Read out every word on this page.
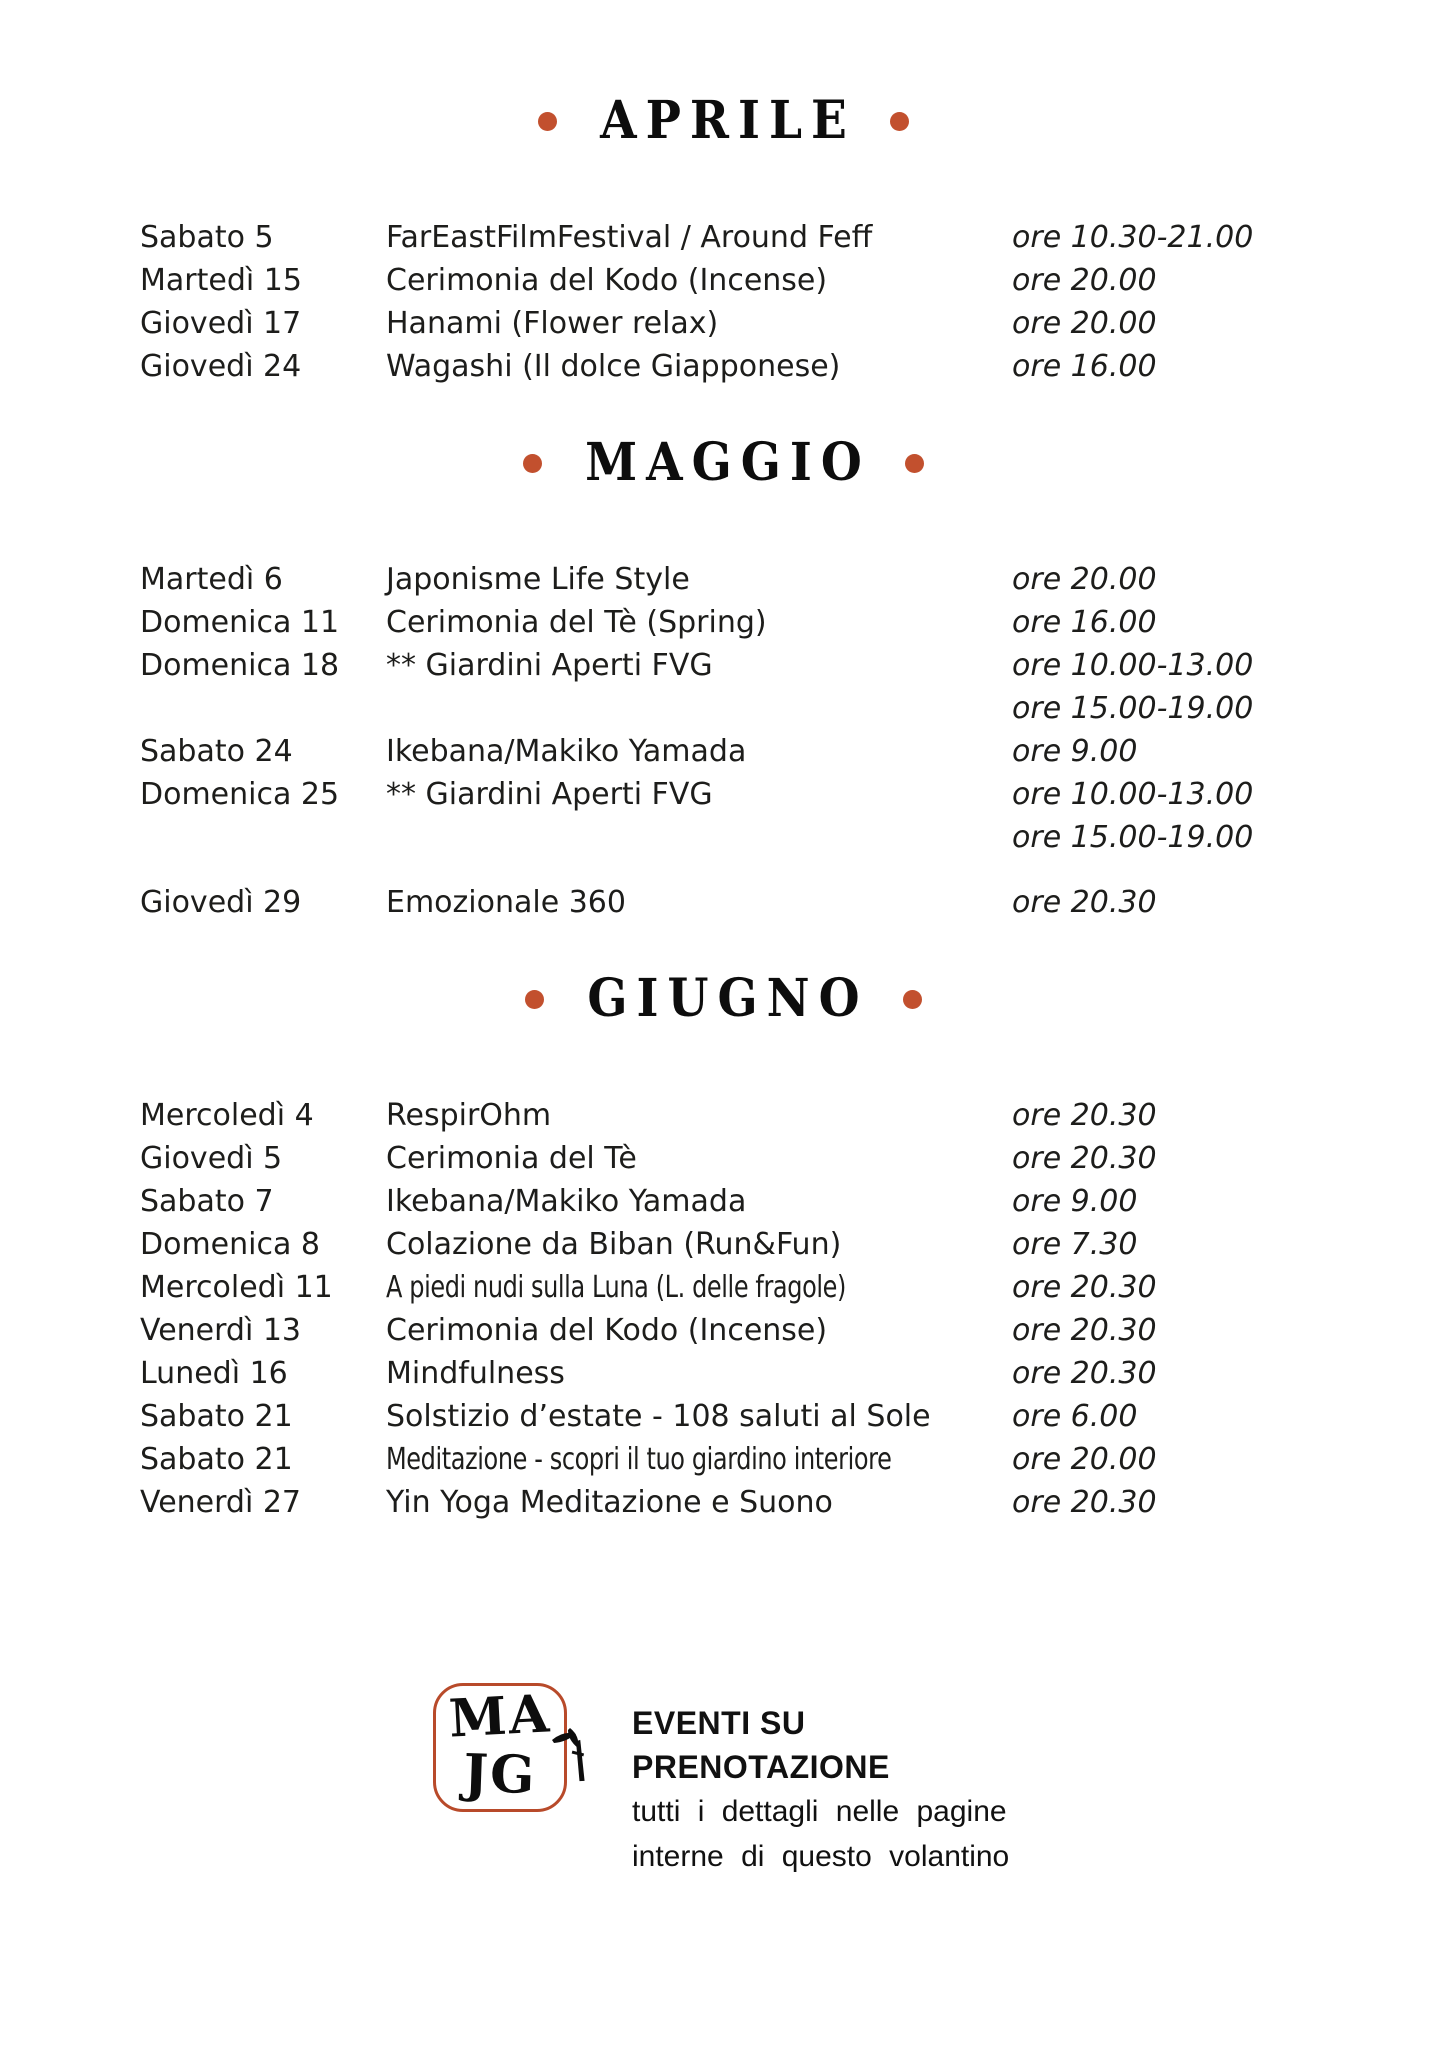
APRILE
Sabato 5	FarEastFilmFestival / Around Feff	ore 10.30-21.00
Martedì 15	Cerimonia del Kodo (Incense)	ore 20.00
Giovedì 17	Hanami (Flower relax)	ore 20.00
Giovedì 24	Wagashi (Il dolce Giapponese)	ore 16.00
MAGGIO
Martedì 6	Japonisme Life Style	ore 20.00
Domenica 11	Cerimonia del Tè (Spring)	ore 16.00
Domenica 18	** Giardini Aperti FVG	ore 10.00-13.00
ore 15.00-19.00
Sabato 24	Ikebana/Makiko Yamada	ore 9.00
Domenica 25	** Giardini Aperti FVG	ore 10.00-13.00
ore 15.00-19.00
Giovedì 29	Emozionale 360	ore 20.30
GIUGNO
Mercoledì 4	RespirOhm	ore 20.30
Giovedì 5	Cerimonia del Tè	ore 20.30
Sabato 7	Ikebana/Makiko Yamada	ore 9.00
Domenica 8	Colazione da Biban (Run&Fun)	ore 7.30
Mercoledì 11	A piedi nudi sulla Luna (L. delle fragole)	ore 20.30
Venerdì 13	Cerimonia del Kodo (Incense)	ore 20.30
Lunedì 16	Mindfulness	ore 20.30
Sabato 21	Solstizio d’estate - 108 saluti al Sole	ore 6.00
Sabato 21	Meditazione - scopri il tuo giardino interiore	ore 20.00
Venerdì 27	Yin Yoga Meditazione e Suono	ore 20.30
MA
JG
EVENTI SU PRENOTAZIONE
tutti i dettagli nelle pagine
interne di questo volantino
